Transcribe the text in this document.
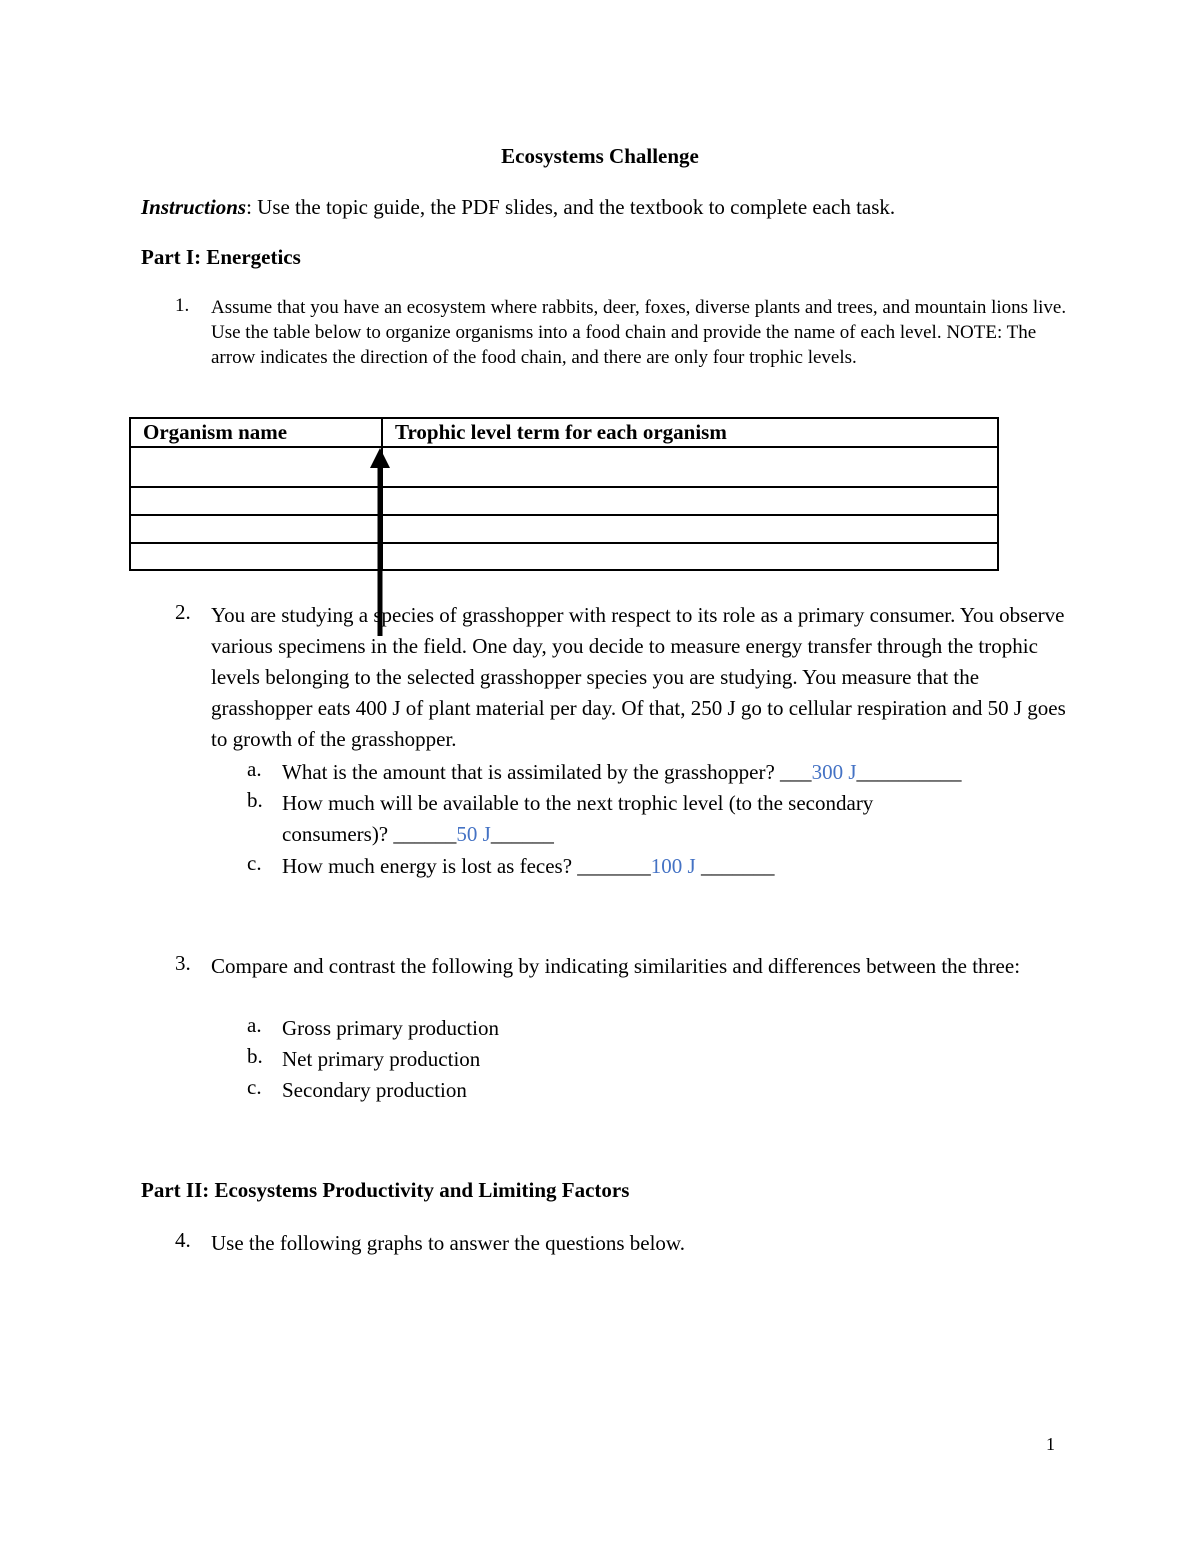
Ecosystems Challenge
Instructions: Use the topic guide, the PDF slides, and the textbook to complete each task.
Part I: Energetics
1. Assume that you have an ecosystem where rabbits, deer, foxes, diverse plants and trees, and mountain lions live. Use the table below to organize organisms into a food chain and provide the name of each level. NOTE: The arrow indicates the direction of the food chain, and there are only four trophic levels.
Organism name	Trophic level term for each organism

2. You are studying a species of grasshopper with respect to its role as a primary consumer. You observe various specimens in the field. One day, you decide to measure energy transfer through the trophic levels belonging to the selected grasshopper species you are studying. You measure that the grasshopper eats 400 J of plant material per day. Of that, 250 J go to cellular respiration and 50 J goes to growth of the grasshopper.
a. What is the amount that is assimilated by the grasshopper? ___300 J__________
b. How much will be available to the next trophic level (to the secondary
consumers)? ______50 J______
c. How much energy is lost as feces? _______100 J _______
3. Compare and contrast the following by indicating similarities and differences between the three:
a. Gross primary production
b. Net primary production
c. Secondary production
Part II: Ecosystems Productivity and Limiting Factors
4. Use the following graphs to answer the questions below.
1
